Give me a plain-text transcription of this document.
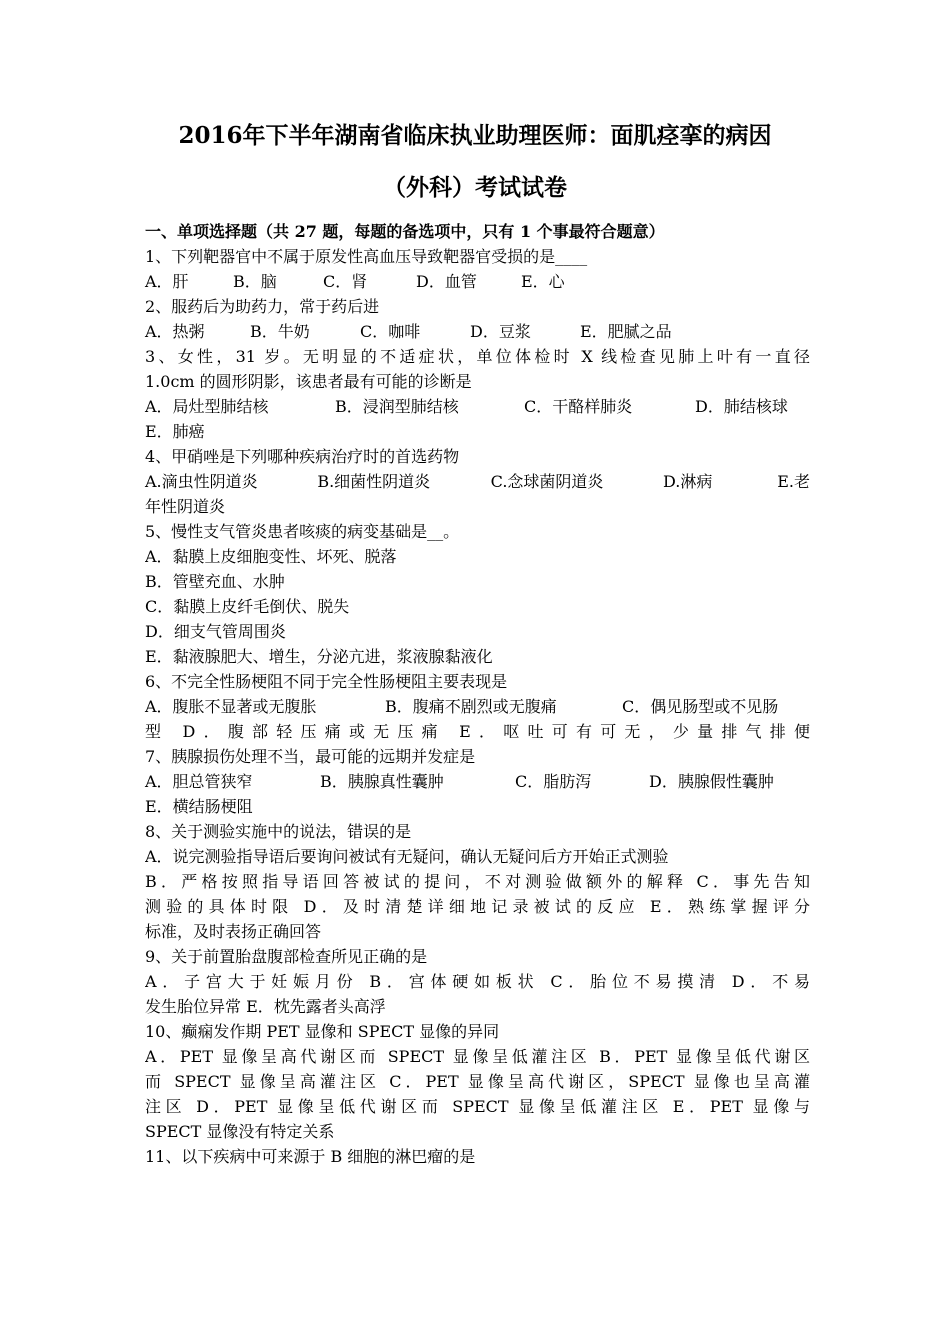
2016年下半年湖南省临床执业助理医师：面肌痉挛的病因
（外科）考试试卷
一、单项选择题（共 27 题，每题的备选项中，只有 1 个事最符合题意）
1、下列靶器官中不属于原发性高血压导致靶器官受损的是____
A．肝	B．脑	C．肾	D．血管	E．心
2、服药后为助药力，常于药后进
A．热粥	B．牛奶	C．咖啡	D．豆浆	E．肥腻之品
3、女性，31 岁。无明显的不适症状，单位体检时 X 线检查见肺上叶有一直径
1.0cm 的圆形阴影，该患者最有可能的诊断是
A．局灶型肺结核	B．浸润型肺结核	C．干酪样肺炎	D．肺结核球
E．肺癌
4、甲硝唑是下列哪种疾病治疗时的首选药物
A.滴虫性阴道炎	B.细菌性阴道炎	C.念球菌阴道炎	D.淋病	E.老
年性阴道炎
5、慢性支气管炎患者咳痰的病变基础是__。
A．黏膜上皮细胞变性、坏死、脱落
B．管壁充血、水肿
C．黏膜上皮纤毛倒伏、脱失
D．细支气管周围炎
E．黏液腺肥大、增生，分泌亢进，浆液腺黏液化
6、不完全性肠梗阻不同于完全性肠梗阻主要表现是
A．腹胀不显著或无腹胀	B．腹痛不剧烈或无腹痛	C．偶见肠型或不见肠
型 D．腹部轻压痛或无压痛 E．呕吐可有可无，少量排气排便
7、胰腺损伤处理不当，最可能的远期并发症是
A．胆总管狭窄	B．胰腺真性囊肿	C．脂肪泻	D．胰腺假性囊肿
E．横结肠梗阻
8、关于测验实施中的说法，错误的是
A．说完测验指导语后要询问被试有无疑问，确认无疑问后方开始正式测验
B．严格按照指导语回答被试的提问，不对测验做额外的解释 C．事先告知
测验的具体时限 D．及时清楚详细地记录被试的反应 E．熟练掌握评分
标准，及时表扬正确回答
9、关于前置胎盘腹部检查所见正确的是
A．子宫大于妊娠月份 B．宫体硬如板状 C．胎位不易摸清 D．不易
发生胎位异常 E．枕先露者头高浮
10、癫痫发作期 PET 显像和 SPECT 显像的异同
A．PET 显像呈高代谢区而 SPECT 显像呈低灌注区 B．PET 显像呈低代谢区
而 SPECT 显像呈高灌注区 C．PET 显像呈高代谢区，SPECT 显像也呈高灌
注区 D．PET 显像呈低代谢区而 SPECT 显像呈低灌注区 E．PET 显像与
SPECT 显像没有特定关系
11、以下疾病中可来源于 B 细胞的淋巴瘤的是
